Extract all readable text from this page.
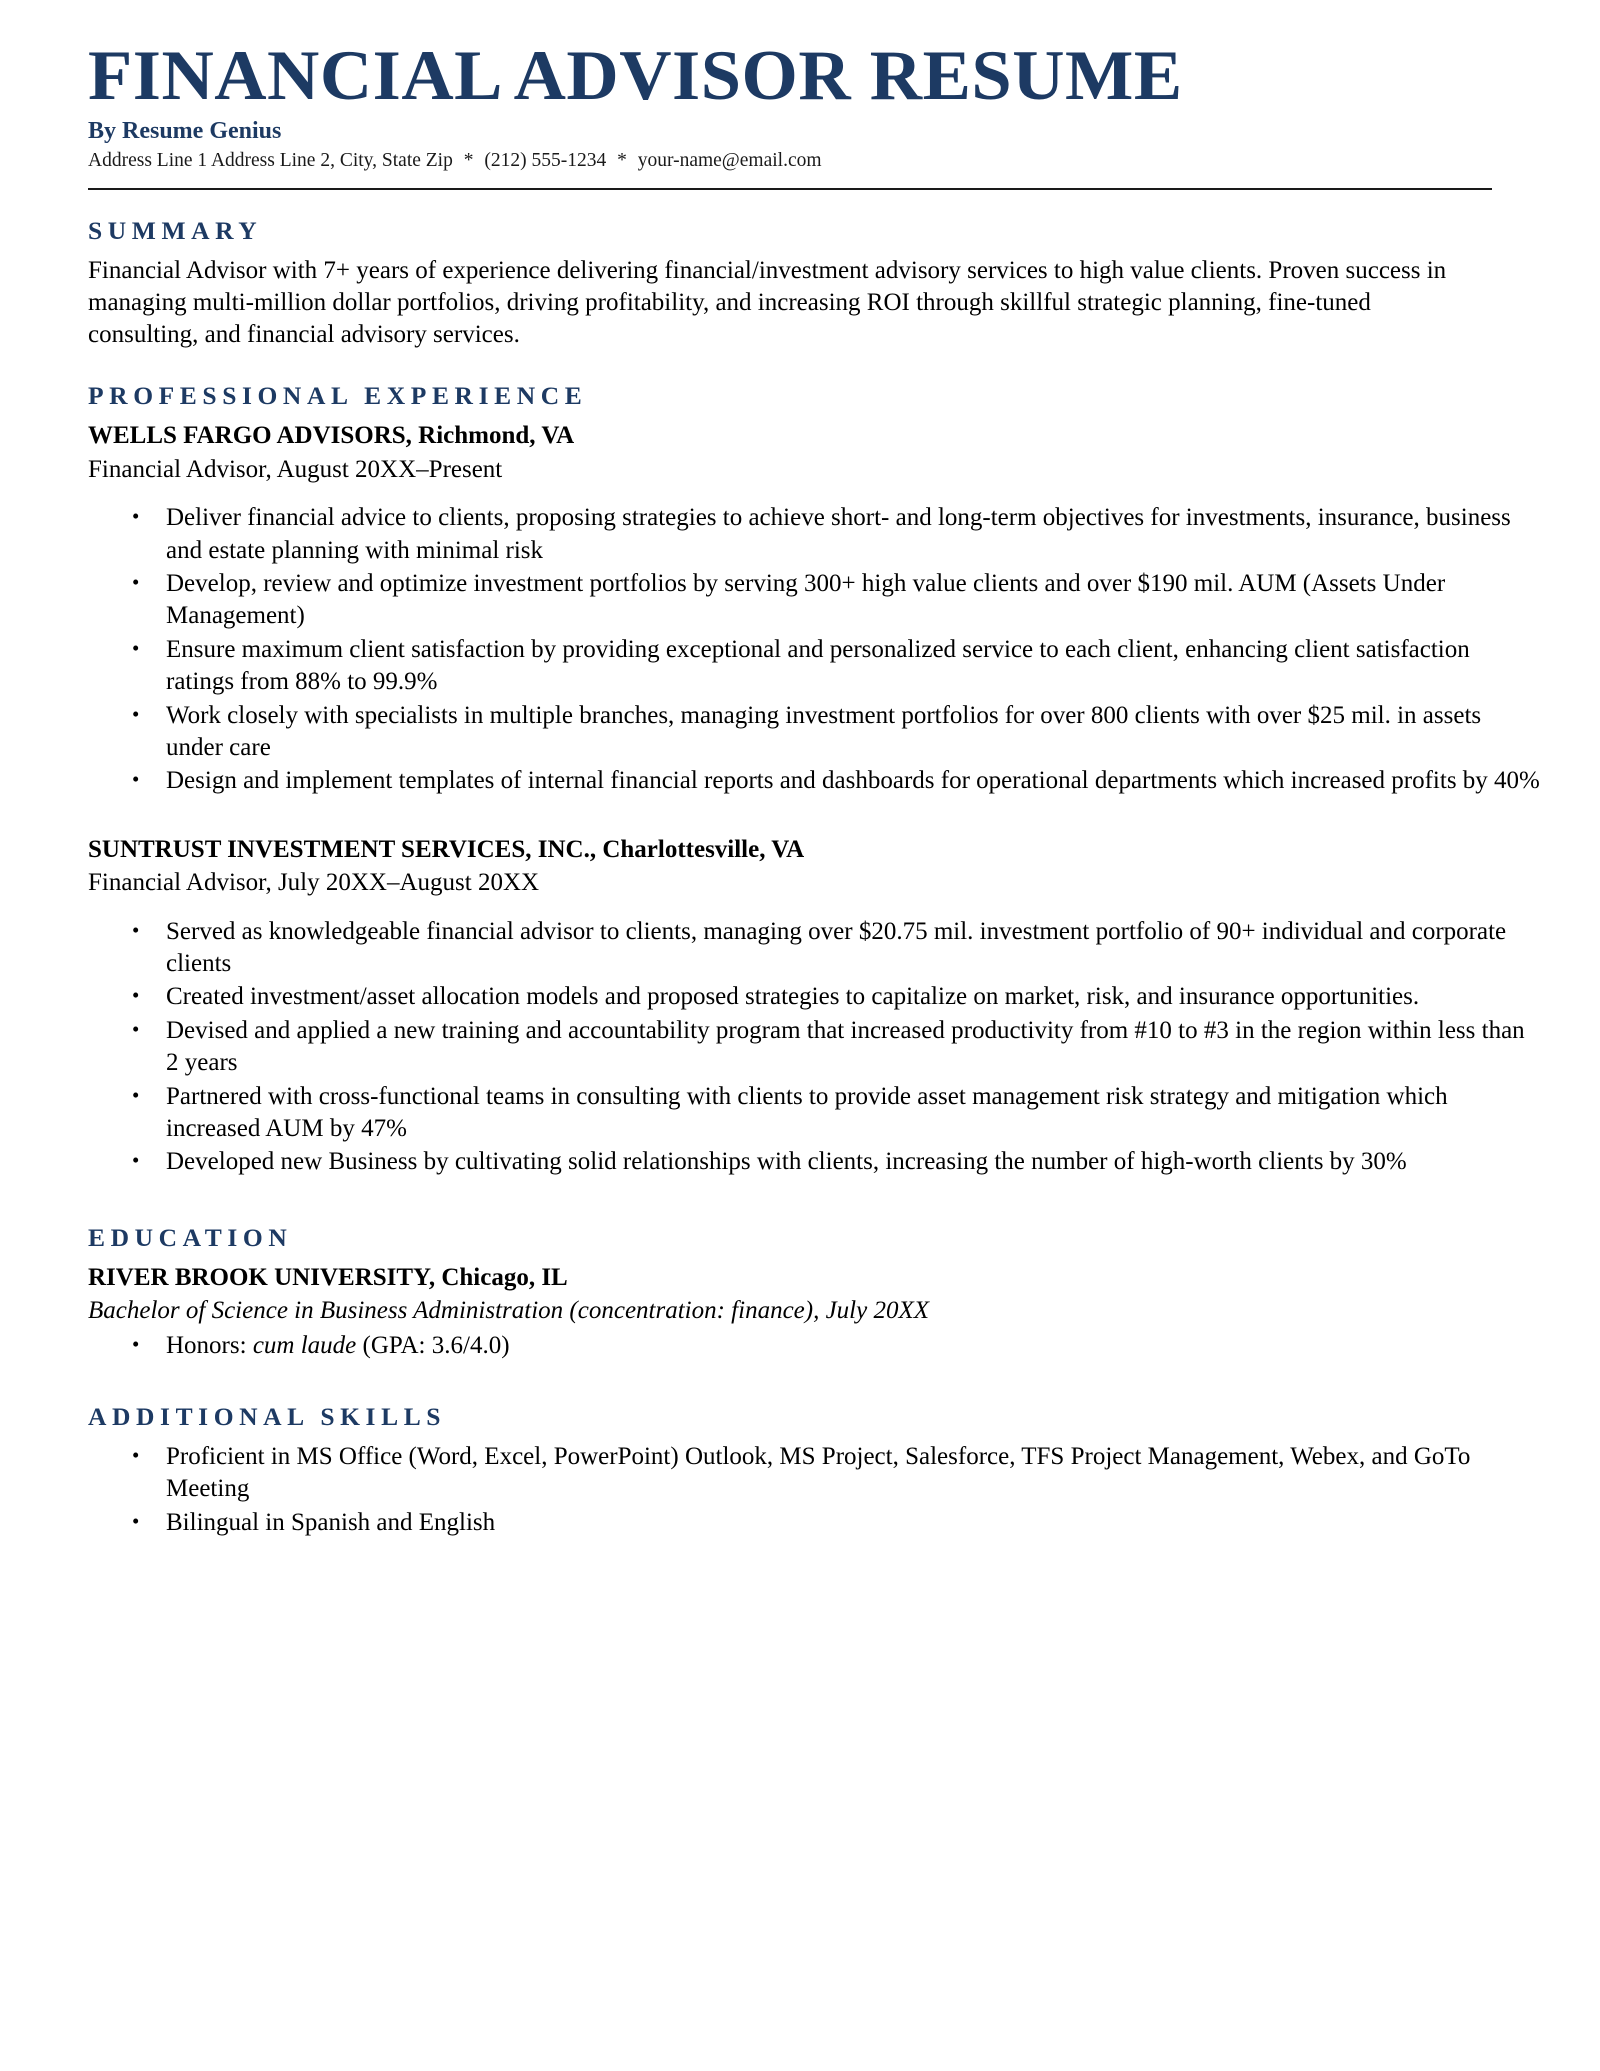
FINANCIAL ADVISOR RESUME
By Resume Genius
Address Line 1 Address Line 2, City, State Zip * (212) 555-1234 * your-name@email.com
SUMMARY

Financial Advisor with 7+ years of experience delivering financial/investment advisory services to high value clients. Proven success in managing multi-million dollar portfolios, driving profitability, and increasing ROI through skillful strategic planning, fine-tuned consulting, and financial advisory services.

PROFESSIONAL EXPERIENCE

WELLS FARGO ADVISORS, Richmond, VA

Financial Advisor, August 20XX–Present

• Deliver financial advice to clients, proposing strategies to achieve short- and long-term objectives for investments, insurance, business and estate planning with minimal risk
• Develop, review and optimize investment portfolios by serving 300+ high value clients and over $190 mil. AUM (Assets Under Management)
• Ensure maximum client satisfaction by providing exceptional and personalized service to each client, enhancing client satisfaction ratings from 88% to 99.9%
• Work closely with specialists in multiple branches, managing investment portfolios for over 800 clients with over $25 mil. in assets under care
• Design and implement templates of internal financial reports and dashboards for operational departments which increased profits by 40%

SUNTRUST INVESTMENT SERVICES, INC., Charlottesville, VA

Financial Advisor, July 20XX–August 20XX

• Served as knowledgeable financial advisor to clients, managing over $20.75 mil. investment portfolio of 90+ individual and corporate clients
• Created investment/asset allocation models and proposed strategies to capitalize on market, risk, and insurance opportunities.
• Devised and applied a new training and accountability program that increased productivity from #10 to #3 in the region within less than 2 years
• Partnered with cross-functional teams in consulting with clients to provide asset management risk strategy and mitigation which increased AUM by 47%
• Developed new Business by cultivating solid relationships with clients, increasing the number of high-worth clients by 30%
EDUCATION

RIVER BROOK UNIVERSITY, Chicago, IL

Bachelor of Science in Business Administration (concentration: finance), July 20XX

• Honors: cum laude (GPA: 3.6/4.0)
ADDITIONAL SKILLS
• Proficient in MS Office (Word, Excel, PowerPoint) Outlook, MS Project, Salesforce, TFS Project Management, Webex, and GoTo Meeting
• Bilingual in Spanish and English
